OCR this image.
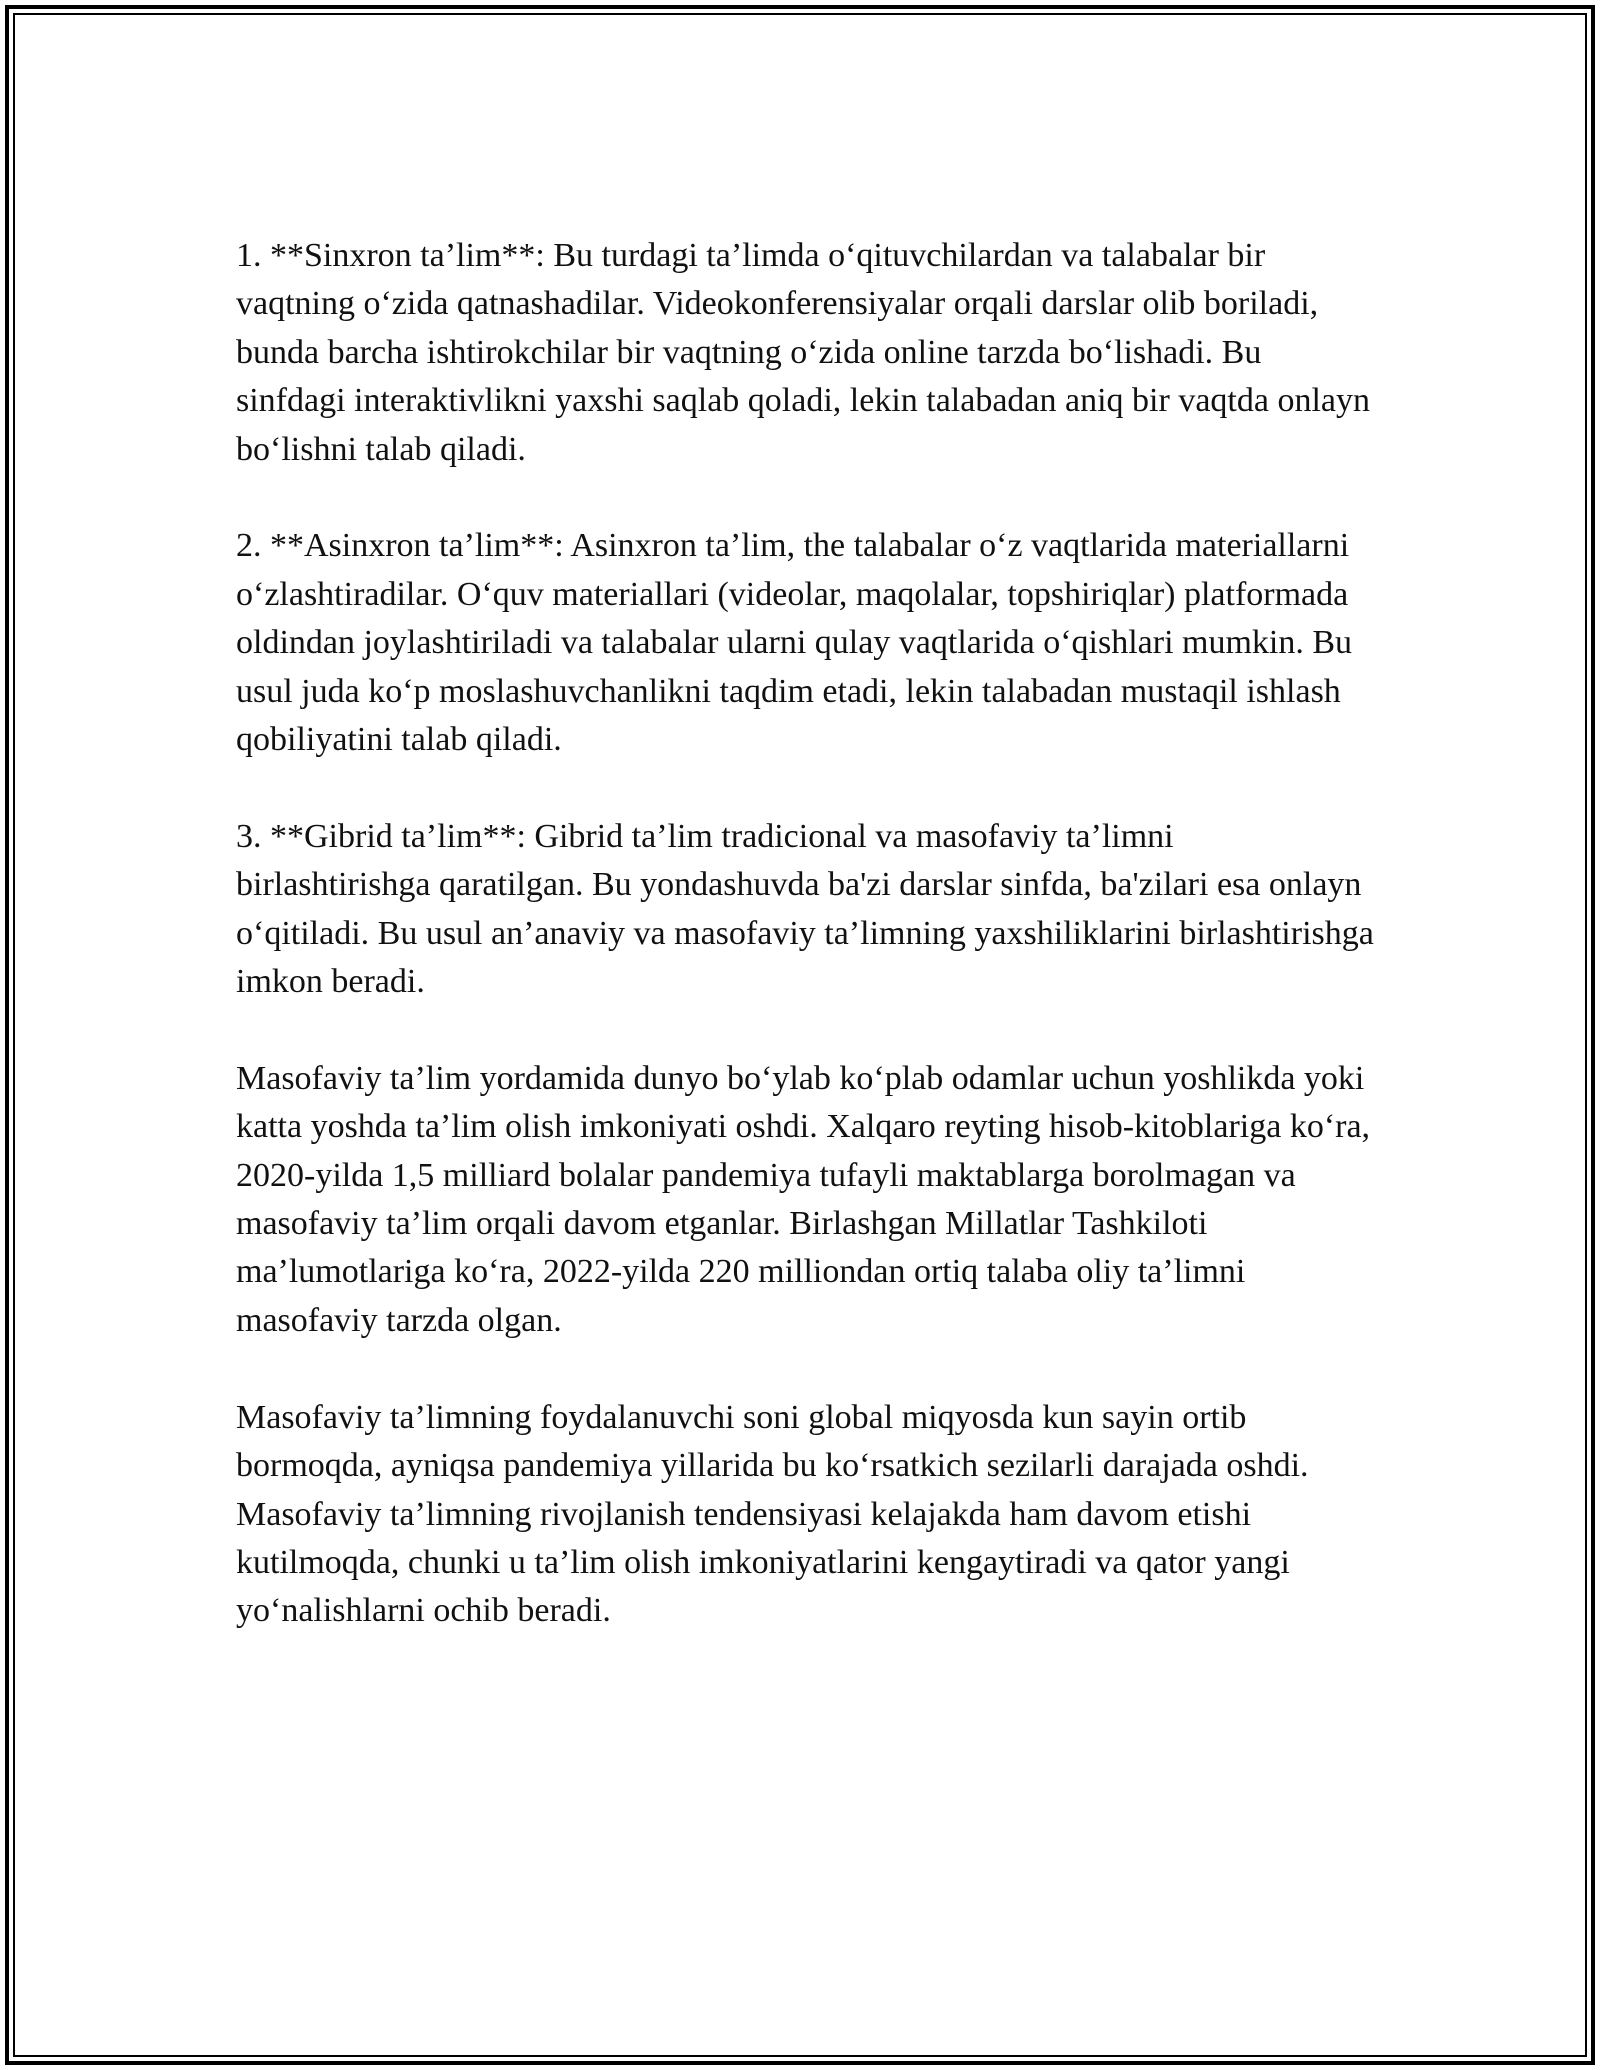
1. **Sinxron ta’lim**: Bu turdagi ta’limda o‘qituvchilardan va talabalar bir vaqtning o‘zida qatnashadilar. Videokonferensiyalar orqali darslar olib boriladi, bunda barcha ishtirokchilar bir vaqtning o‘zida online tarzda bo‘lishadi. Bu sinfdagi interaktivlikni yaxshi saqlab qoladi, lekin talabadan aniq bir vaqtda onlayn bo‘lishni talab qiladi.

2. **Asinxron ta’lim**: Asinxron ta’lim, the talabalar o‘z vaqtlarida materiallarni o‘zlashtiradilar. O‘quv materiallari (videolar, maqolalar, topshiriqlar) platformada oldindan joylashtiriladi va talabalar ularni qulay vaqtlarida o‘qishlari mumkin. Bu usul juda ko‘p moslashuvchanlikni taqdim etadi, lekin talabadan mustaqil ishlash qobiliyatini talab qiladi.

3. **Gibrid ta’lim**: Gibrid ta’lim tradicional va masofaviy ta’limni birlashtirishga qaratilgan. Bu yondashuvda ba'zi darslar sinfda, ba'zilari esa onlayn o‘qitiladi. Bu usul an’anaviy va masofaviy ta’limning yaxshiliklarini birlashtirishga imkon beradi.

Masofaviy ta’lim yordamida dunyo bo‘ylab ko‘plab odamlar uchun yoshlikda yoki katta yoshda ta’lim olish imkoniyati oshdi. Xalqaro reyting hisob-kitoblariga ko‘ra, 2020-yilda 1,5 milliard bolalar pandemiya tufayli maktablarga borolmagan va masofaviy ta’lim orqali davom etganlar. Birlashgan Millatlar Tashkiloti ma’lumotlariga ko‘ra, 2022-yilda 220 milliondan ortiq talaba oliy ta’limni masofaviy tarzda olgan.

Masofaviy ta’limning foydalanuvchi soni global miqyosda kun sayin ortib bormoqda, ayniqsa pandemiya yillarida bu ko‘rsatkich sezilarli darajada oshdi. Masofaviy ta’limning rivojlanish tendensiyasi kelajakda ham davom etishi kutilmoqda, chunki u ta’lim olish imkoniyatlarini kengaytiradi va qator yangi yo‘nalishlarni ochib beradi.
